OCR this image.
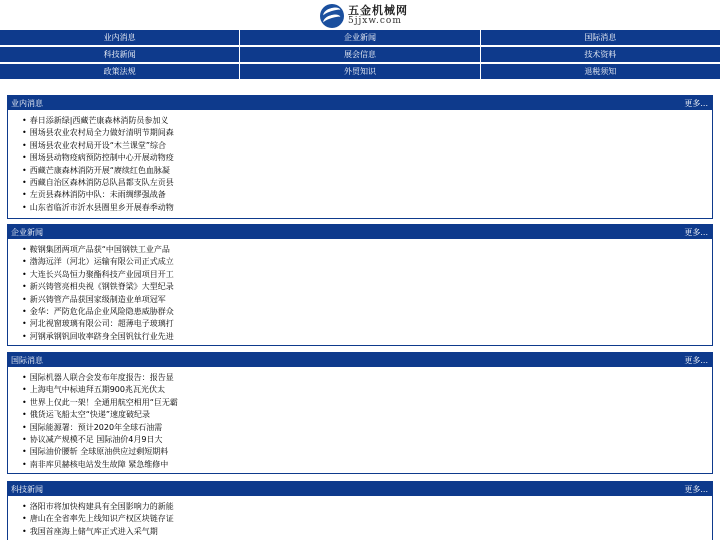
五金机械网
5jjxw.com
业内消息	企业新闻	国际消息
科技新闻	展会信息	技术资料
政策法规	外贸知识	退税须知
业内消息	更多...
• 春日添新绿|西藏芒康森林消防员参加义
• 围场县农业农村局全力做好清明节期间森
• 围场县农业农村局开设“木兰课堂”综合
• 围场县动物疫病预防控制中心开展动物疫
• 西藏芒康森林消防开展“赓续红色血脉凝
• 西藏自治区森林消防总队昌都支队左贡县
• 左贡县森林消防中队：未雨绸缪强战备
• 山东省临沂市沂水县圈里乡开展春季动物
企业新闻	更多...
• 鞍钢集团两项产品获“中国钢铁工业产品
• 渤海远洋（河北）运输有限公司正式成立
• 大连长兴岛恒力聚酯科技产业园项目开工
• 新兴铸管亮相央视《钢铁脊梁》大型纪录
• 新兴铸管产品获国家级制造业单项冠军
• 金华：严防危化品企业风险隐患威胁群众
• 河北视窗玻璃有限公司：超薄电子玻璃打
• 河钢承钢钒回收率跻身全国钒钛行业先进
国际消息	更多...
• 国际机器人联合会发布年度报告：报告显
• 上海电气中标迪拜五期900兆瓦光伏太
• 世界上仅此一架！全通用航空相用“巨无霸
• 俄货运飞船太空“快递”速度破纪录
• 国际能源署：预计2020年全球石油需
• 协议减产规模不足 国际油价4月9日大
• 国际油价腰斩 全球原油供应过剩短期料
• 南非库贝赫核电站发生故障 紧急维修中
科技新闻	更多...
• 洛阳市将加快构建具有全国影响力的新能
• 唐山在全省率先上线知识产权区块链存证
• 我国首座海上储气库正式进入采气期
